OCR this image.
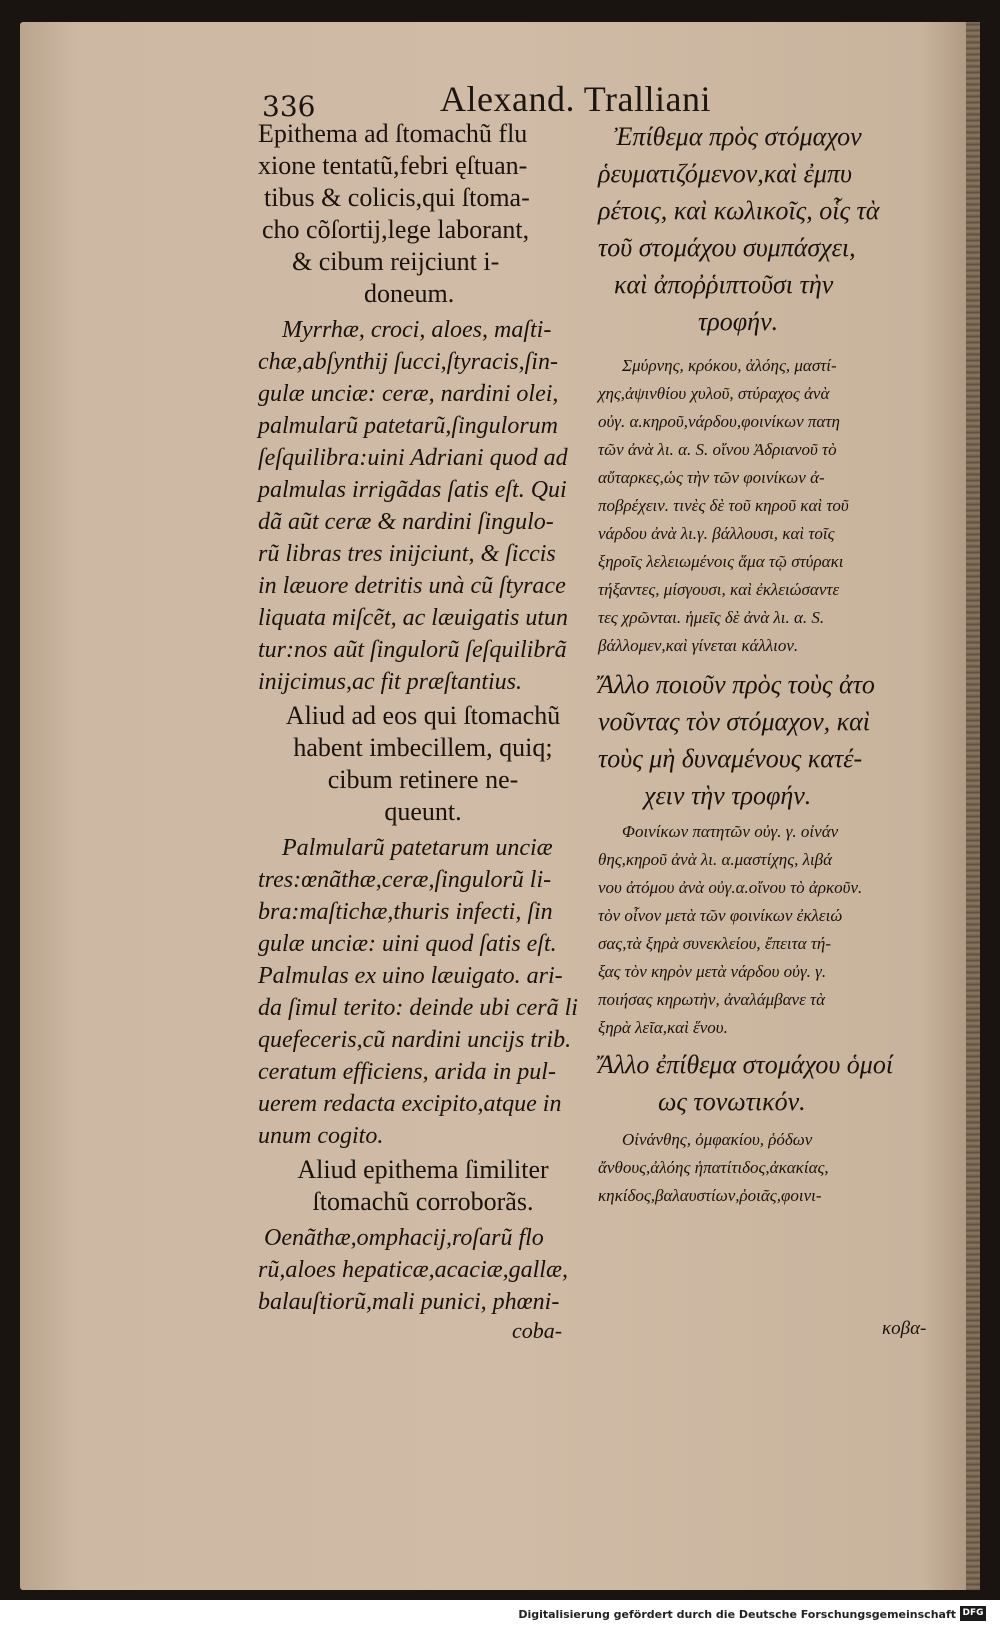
336	Alexand. Tralliani
Epithema ad ſtomachũ flu
xione tentatũ,febri ęſtuan-
tibus & colicis,qui ſtoma-
cho cõſortij,lege laborant,
& cibum reijciunt i-
doneum.
Myrrhæ, croci, aloes, maſti-
chæ,abſynthij ſucci,ſtyracis,ſin-
gulæ unciæ: ceræ, nardini olei,
palmularũ patetarũ,ſingulorum
ſeſquilibra:uini Adriani quod ad
palmulas irrigãdas ſatis eſt. Qui
dã aũt ceræ & nardini ſingulo-
rũ libras tres inijciunt, & ſiccis
in læuore detritis unà cũ ſtyrace
liquata miſcẽt, ac læuigatis utun
tur:nos aũt ſingulorũ ſeſquilibrã
inijcimus,ac fit præſtantius.
Aliud ad eos qui ſtomachũ
habent imbecillem, quiq;
cibum retinere ne-
queunt.
Palmularũ patetarum unciæ
tres:œnãthæ,ceræ,ſingulorũ li-
bra:maſtichæ,thuris infecti, ſin
gulæ unciæ: uini quod ſatis eſt.
Palmulas ex uino læuigato. ari-
da ſimul terito: deinde ubi cerã li
quefeceris,cũ nardini uncijs trib.
ceratum efficiens, arida in pul-
uerem redacta excipito,atque in
unum cogito.
Aliud epithema ſimiliter
ſtomachũ corroborãs.
Oenãthæ,omphacij,roſarũ flo
rũ,aloes hepaticæ,acaciæ,gallæ,
balauſtiorũ,mali punici, phœni-
coba-
Ἐπίθεμα πρὸς στόμαχον
ῥευματιζόμενον,καὶ ἐμπυ
ρέτοις, καὶ κωλικοῖς, οἷς τὰ
τοῦ στομάχου συμπάσχει,
καὶ ἀποῤῥιπτοῦσι τὴν
τροφήν.
Σμύρνης, κρόκου, ἀλόης, μαστί-
χης,ἀψινθίου χυλοῦ, στύραχος ἀνὰ
οὐγ. α.κηροῦ,νάρδου,φοινίκων πατη
τῶν ἀνὰ λι. α. S. οἴνου Ἀδριανοῦ τὸ
αὔταρκες,ὡς τὴν τῶν φοινίκων ἀ-
ποβρέχειν. τινὲς δὲ τοῦ κηροῦ καὶ τοῦ
νάρδου ἀνὰ λι.γ. βάλλουσι, καὶ τοῖς
ξηροῖς λελειωμένοις ἅμα τῷ στύρακι
τήξαντες, μίσγουσι, καὶ ἐκλειώσαντε
τες χρῶνται. ἡμεῖς δὲ ἀνὰ λι. α. S.
βάλλομεν,καὶ γίνεται κάλλιον.
Ἄλλο ποιοῦν πρὸς τοὺς ἀτο
νοῦντας τὸν στόμαχον, καὶ
τοὺς μὴ δυναμένους κατέ-
χειν τὴν τροφήν.
Φοινίκων πατητῶν οὐγ. γ. οἰνάν
θης,κηροῦ ἀνὰ λι. α.μαστίχης, λιβά
νου ἀτόμου ἀνὰ οὐγ.α.οἴνου τὸ ἀρκοῦν.
τὸν οἶνον μετὰ τῶν φοινίκων ἐκλειώ
σας,τὰ ξηρὰ συνεκλείου, ἔπειτα τή-
ξας τὸν κηρὸν μετὰ νάρδου οὐγ. γ.
ποιήσας κηρωτὴν, ἀναλάμβανε τὰ
ξηρὰ λεῖα,καὶ ἕνου.
Ἄλλο ἐπίθεμα στομάχου ὁμοί
ως τονωτικόν.
Οἰνάνθης, ὀμφακίου, ῥόδων
ἄνθους,ἀλόης ἡπατίτιδος,ἀκακίας,
κηκίδος,βαλαυστίων,ῥοιᾶς,φοινι-
κοβα-
Digitalisierung gefördert durch die Deutsche Forschungsgemeinschaft DFG
